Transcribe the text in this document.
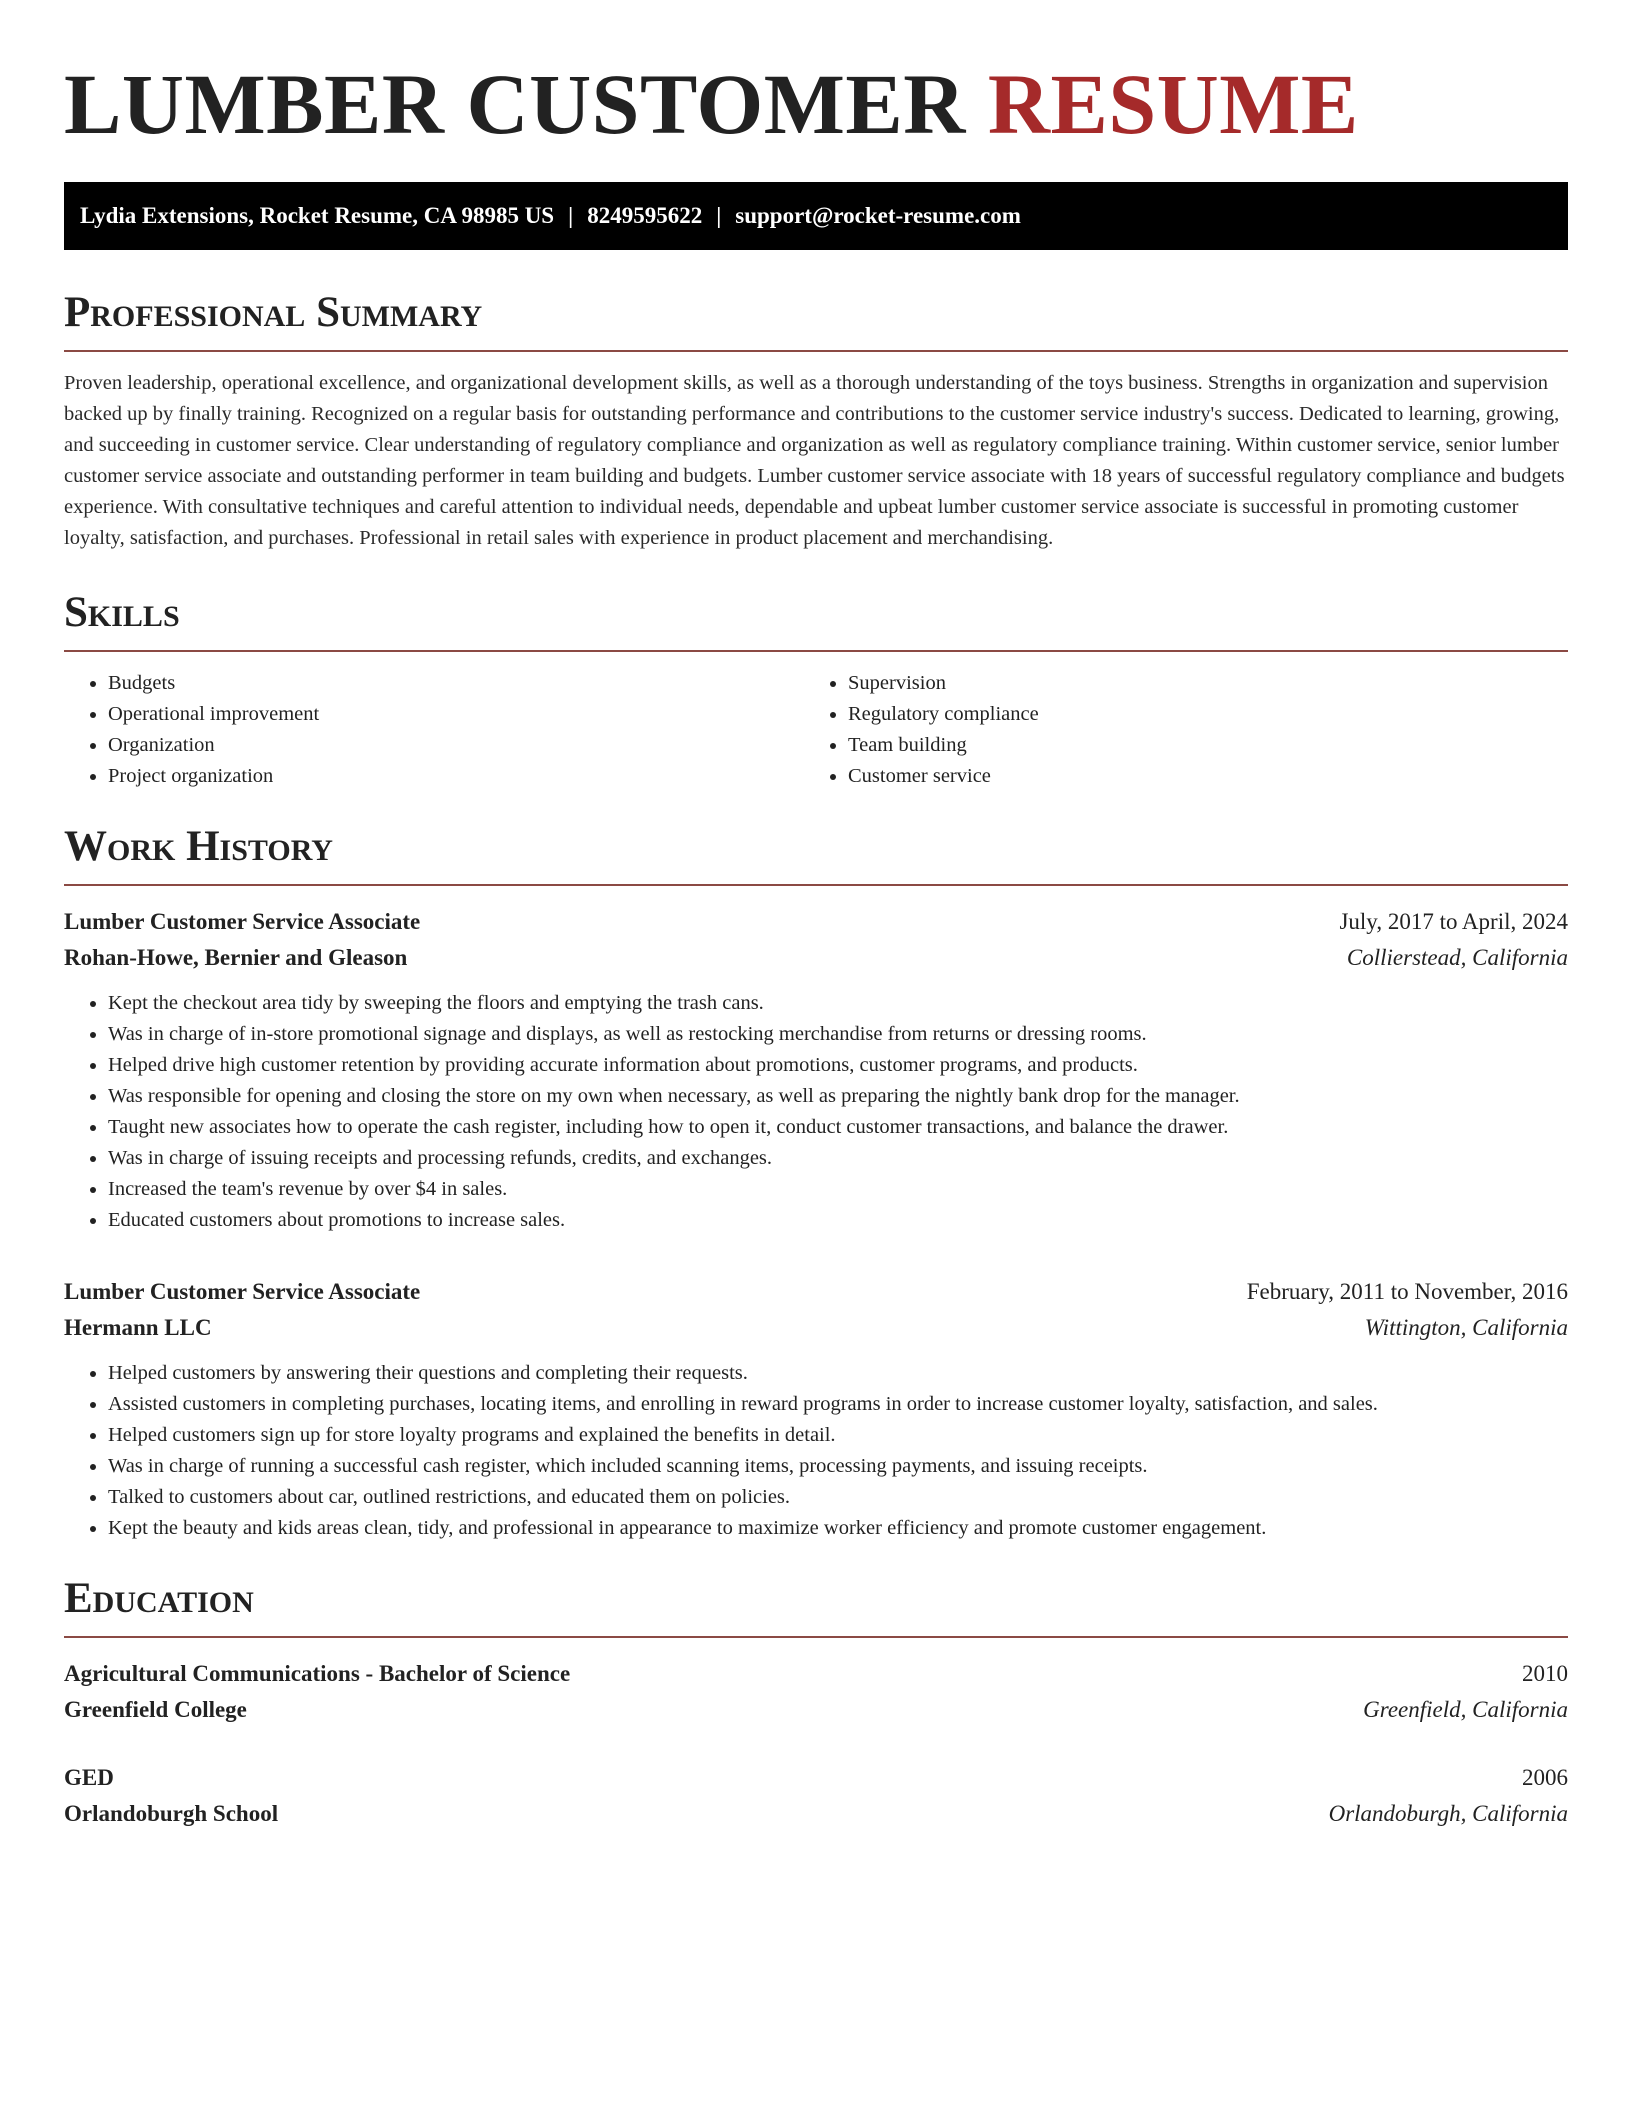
LUMBER CUSTOMER RESUME
Lydia Extensions, Rocket Resume, CA 98985 US | 8249595622 | support@rocket-resume.com
Professional Summary

Proven leadership, operational excellence, and organizational development skills, as well as a thorough understanding of the toys business. Strengths in organization and supervision backed up by finally training. Recognized on a regular basis for outstanding performance and contributions to the customer service industry's success. Dedicated to learning, growing, and succeeding in customer service. Clear understanding of regulatory compliance and organization as well as regulatory compliance training. Within customer service, senior lumber customer service associate and outstanding performer in team building and budgets. Lumber customer service associate with 18 years of successful regulatory compliance and budgets experience. With consultative techniques and careful attention to individual needs, dependable and upbeat lumber customer service associate is successful in promoting customer loyalty, satisfaction, and purchases. Professional in retail sales with experience in product placement and merchandising.

Skills
• Budgets
• Operational improvement
• Organization
• Project organization
• Supervision
• Regulatory compliance
• Team building
• Customer service
Work History
Lumber Customer Service Associate	July, 2017 to April, 2024
Rohan-Howe, Bernier and Gleason	Collierstead, California
• Kept the checkout area tidy by sweeping the floors and emptying the trash cans.
• Was in charge of in-store promotional signage and displays, as well as restocking merchandise from returns or dressing rooms.
• Helped drive high customer retention by providing accurate information about promotions, customer programs, and products.
• Was responsible for opening and closing the store on my own when necessary, as well as preparing the nightly bank drop for the manager.
• Taught new associates how to operate the cash register, including how to open it, conduct customer transactions, and balance the drawer.
• Was in charge of issuing receipts and processing refunds, credits, and exchanges.
• Increased the team's revenue by over $4 in sales.
• Educated customers about promotions to increase sales.
Lumber Customer Service Associate	February, 2011 to November, 2016
Hermann LLC	Wittington, California
• Helped customers by answering their questions and completing their requests.
• Assisted customers in completing purchases, locating items, and enrolling in reward programs in order to increase customer loyalty, satisfaction, and sales.
• Helped customers sign up for store loyalty programs and explained the benefits in detail.
• Was in charge of running a successful cash register, which included scanning items, processing payments, and issuing receipts.
• Talked to customers about car, outlined restrictions, and educated them on policies.
• Kept the beauty and kids areas clean, tidy, and professional in appearance to maximize worker efficiency and promote customer engagement.
Education
Agricultural Communications - Bachelor of Science	2010
Greenfield College	Greenfield, California
GED	2006
Orlandoburgh School	Orlandoburgh, California
